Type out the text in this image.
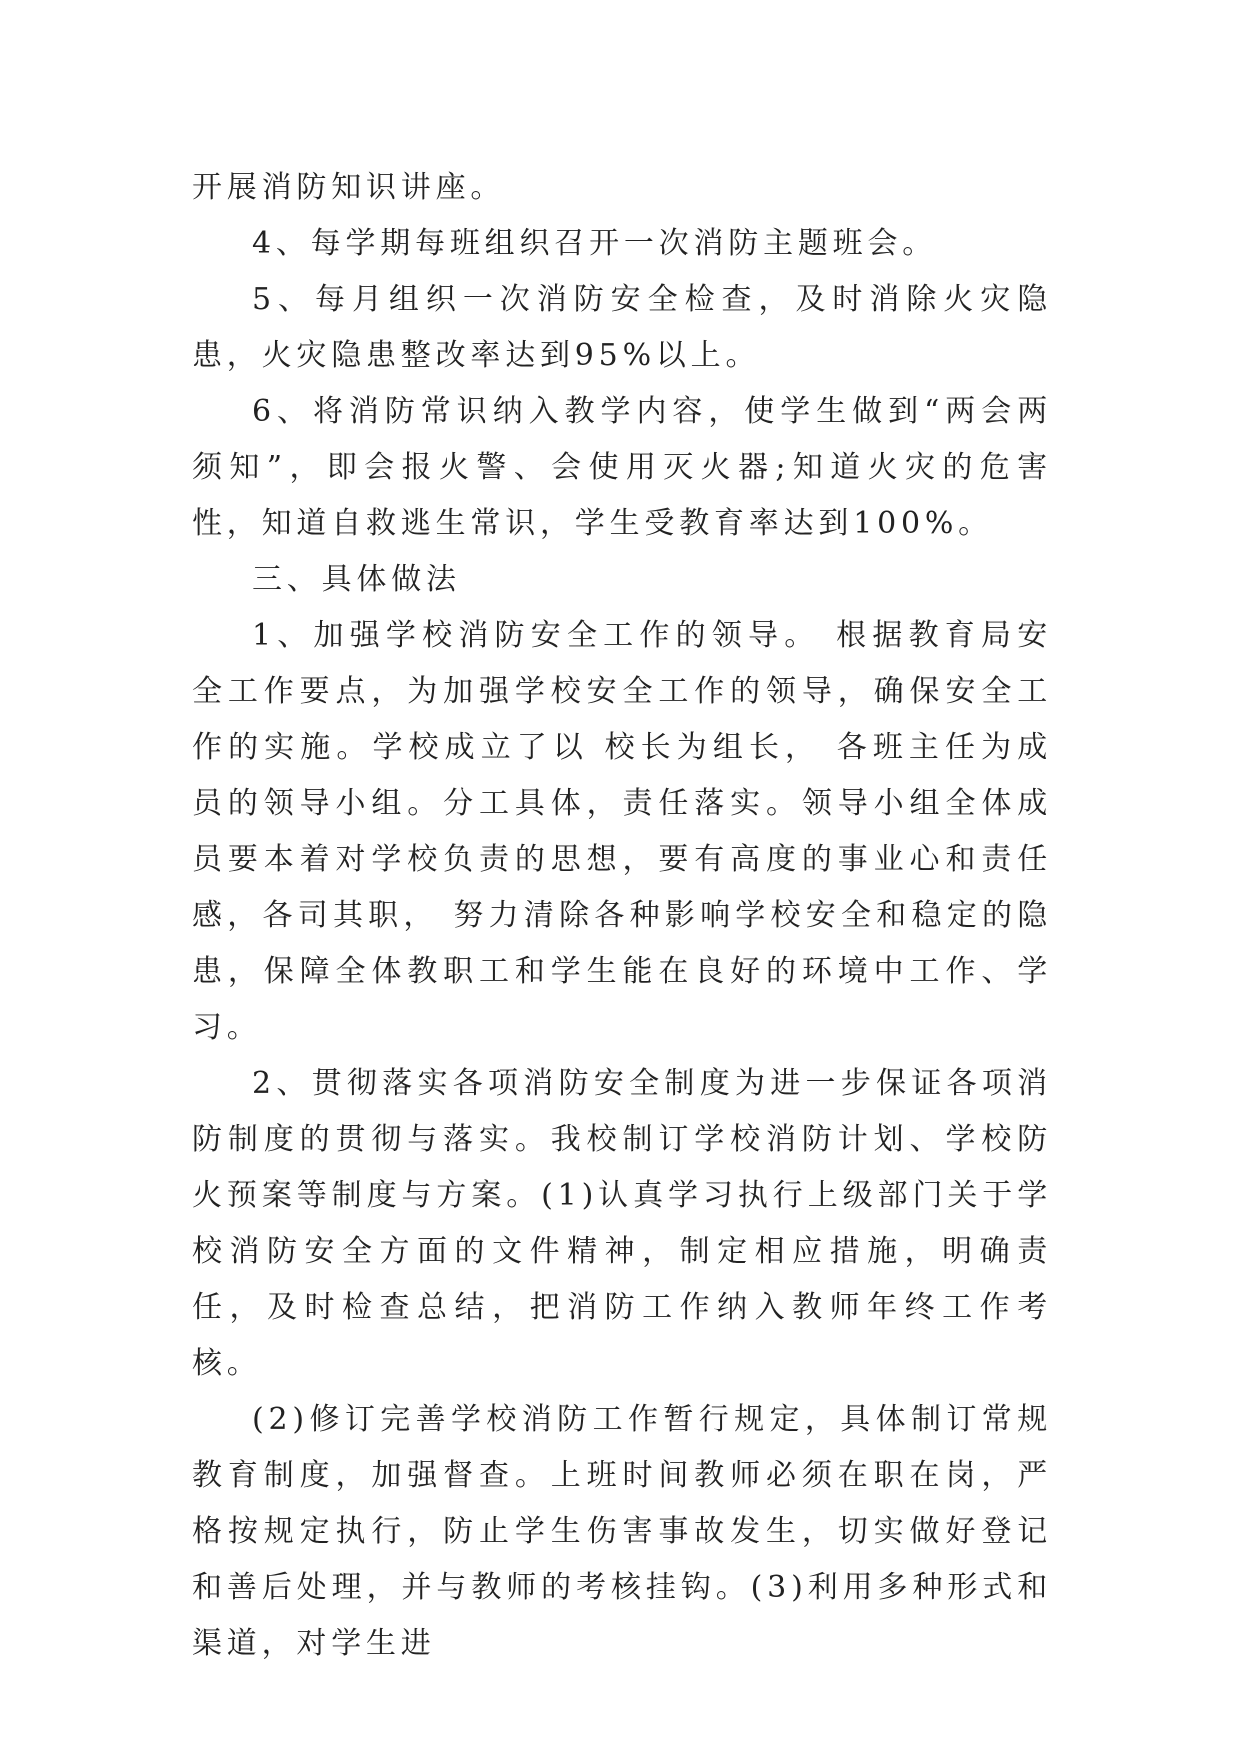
开展消防知识讲座。

4、每学期每班组织召开一次消防主题班会。

5、每月组织一次消防安全检查，及时消除火灾隐患，火灾隐患整改率达到95%以上。

6、将消防常识纳入教学内容，使学生做到“两会两须知”，即会报火警、会使用灭火器;知道火灾的危害性，知道自救逃生常识，学生受教育率达到100%。

三、具体做法

1、加强学校消防安全工作的领导。 根据教育局安全工作要点，为加强学校安全工作的领导，确保安全工作的实施。学校成立了以 校长为组长， 各班主任为成员的领导小组。分工具体，责任落实。领导小组全体成员要本着对学校负责的思想，要有高度的事业心和责任感，各司其职， 努力清除各种影响学校安全和稳定的隐患，保障全体教职工和学生能在良好的环境中工作、学习。

2、贯彻落实各项消防安全制度为进一步保证各项消防制度的贯彻与落实。我校制订学校消防计划、学校防火预案等制度与方案。(1)认真学习执行上级部门关于学校消防安全方面的文件精神，制定相应措施，明确责任，及时检查总结，把消防工作纳入教师年终工作考核。

(2)修订完善学校消防工作暂行规定，具体制订常规教育制度，加强督查。上班时间教师必须在职在岗，严格按规定执行，防止学生伤害事故发生，切实做好登记和善后处理，并与教师的考核挂钩。(3)利用多种形式和渠道，对学生进
